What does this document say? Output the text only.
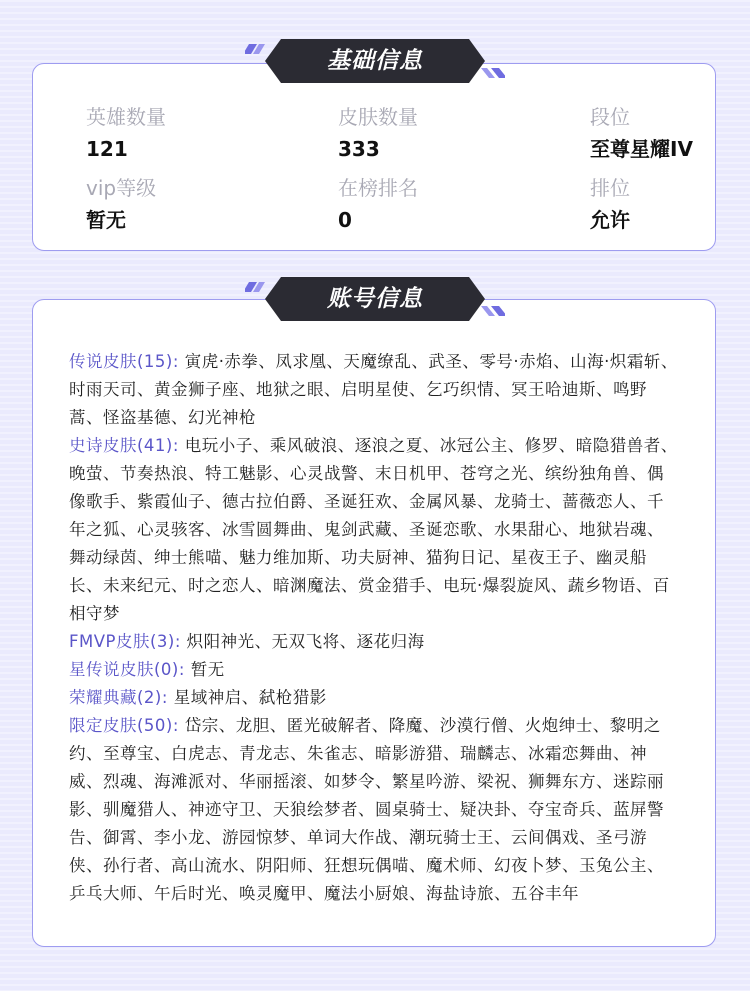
英雄数量
121
皮肤数量
333
段位
至尊星耀IV
vip等级
暂无
在榜排名
0
排位
允许
基础信息
传说皮肤(15): 寅虎·赤拳、凤求凰、天魔缭乱、武圣、零号·赤焰、山海·炽霜斩、时雨天司、黄金狮子座、地狱之眼、启明星使、乞巧织情、冥王哈迪斯、鸣野蒿、怪盗基德、幻光神枪
史诗皮肤(41): 电玩小子、乘风破浪、逐浪之夏、冰冠公主、修罗、暗隐猎兽者、晚萤、节奏热浪、特工魅影、心灵战警、末日机甲、苍穹之光、缤纷独角兽、偶像歌手、紫霞仙子、德古拉伯爵、圣诞狂欢、金属风暴、龙骑士、蔷薇恋人、千年之狐、心灵骇客、冰雪圆舞曲、鬼剑武藏、圣诞恋歌、水果甜心、地狱岩魂、舞动绿茵、绅士熊喵、魅力维加斯、功夫厨神、猫狗日记、星夜王子、幽灵船长、未来纪元、时之恋人、暗渊魔法、赏金猎手、电玩·爆裂旋风、蔬乡物语、百相守梦
FMVP皮肤(3): 炽阳神光、无双飞将、逐花归海
星传说皮肤(0): 暂无
荣耀典藏(2): 星域神启、弑枪猎影
限定皮肤(50): 岱宗、龙胆、匿光破解者、降魔、沙漠行僧、火炮绅士、黎明之约、至尊宝、白虎志、青龙志、朱雀志、暗影游猎、瑞麟志、冰霜恋舞曲、神威、烈魂、海滩派对、华丽摇滚、如梦令、繁星吟游、梁祝、狮舞东方、迷踪丽影、驯魔猎人、神迹守卫、天狼绘梦者、圆桌骑士、疑决卦、夺宝奇兵、蓝屏警告、御霄、李小龙、游园惊梦、单词大作战、潮玩骑士王、云间偶戏、圣弓游侠、孙行者、高山流水、阴阳师、狂想玩偶喵、魔术师、幻夜卜梦、玉兔公主、乒乓大师、午后时光、唤灵魔甲、魔法小厨娘、海盐诗旅、五谷丰年
账号信息
